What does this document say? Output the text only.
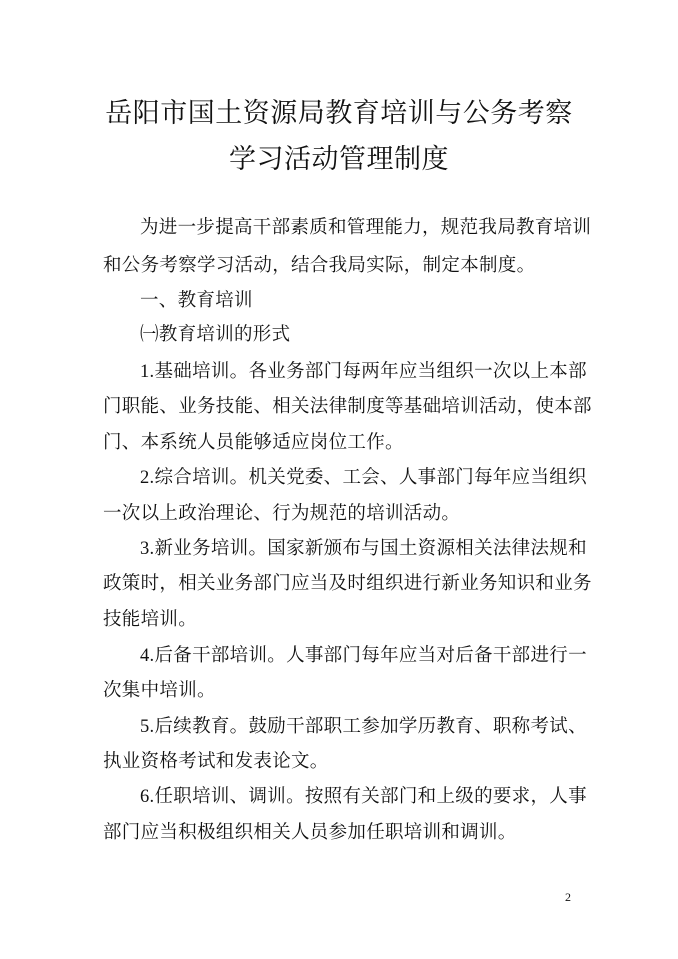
岳阳市国土资源局教育培训与公务考察
学习活动管理制度
为进一步提高干部素质和管理能力，规范我局教育培训
和公务考察学习活动，结合我局实际，制定本制度。
一、教育培训
㈠教育培训的形式
1.基础培训。各业务部门每两年应当组织一次以上本部
门职能、业务技能、相关法律制度等基础培训活动，使本部
门、本系统人员能够适应岗位工作。
2.综合培训。机关党委、工会、人事部门每年应当组织
一次以上政治理论、行为规范的培训活动。
3.新业务培训。国家新颁布与国土资源相关法律法规和
政策时，相关业务部门应当及时组织进行新业务知识和业务
技能培训。
4.后备干部培训。人事部门每年应当对后备干部进行一
次集中培训。
5.后续教育。鼓励干部职工参加学历教育、职称考试、
执业资格考试和发表论文。
6.任职培训、调训。按照有关部门和上级的要求，人事
部门应当积极组织相关人员参加任职培训和调训。
2
